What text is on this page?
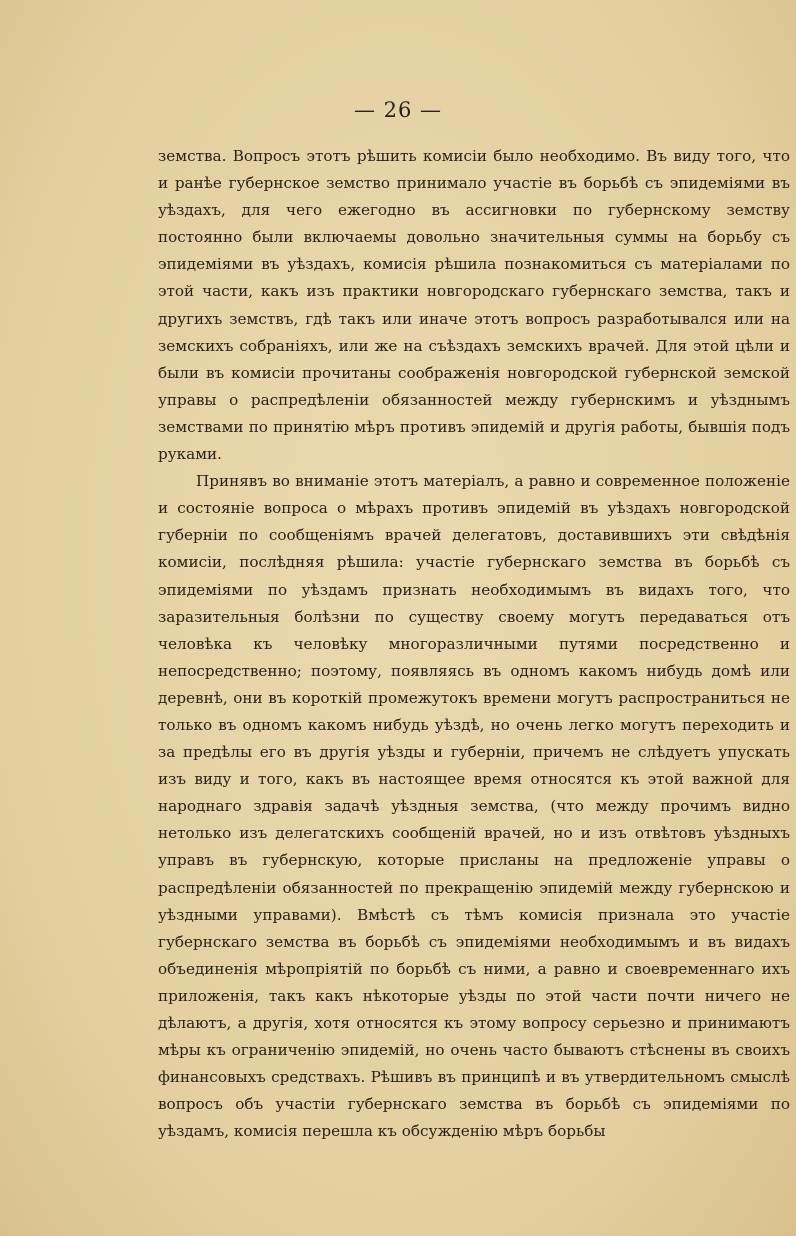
— 26 —

земства. Вопросъ этотъ рѣшить комисіи было необходимо. Въ виду того, что и ранѣе губернское земство принимало участіе въ борьбѣ съ эпидеміями въ уѣздахъ, для чего ежегодно въ ассигновки по губернскому земству постоянно были включаемы довольно значительныя суммы на борьбу съ эпидеміями въ уѣздахъ, комисія рѣшила познакомиться съ матеріалами по этой части, какъ изъ практики новгородскаго губернскаго земства, такъ и другихъ земствъ, гдѣ такъ или иначе этотъ вопросъ разработывался или на земскихъ собраніяхъ, или же на съѣздахъ земскихъ врачей. Для этой цѣли и были въ комисіи прочитаны соображенія новгородской губернской земской управы о распредѣленіи обязанностей между губернскимъ и уѣзднымъ земствами по принятію мѣръ противъ эпидемій и другія работы, бывшія подъ руками.

Принявъ во вниманіе этотъ матеріалъ, а равно и современное положеніе и состояніе вопроса о мѣрахъ противъ эпидемій въ уѣздахъ новгородской губерніи по сообщеніямъ врачей делегатовъ, доставившихъ эти свѣдѣнія комисіи, послѣдняя рѣшила: участіе губернскаго земства въ борьбѣ съ эпидеміями по уѣздамъ признать необходимымъ въ видахъ того, что заразительныя болѣзни по существу своему могутъ передаваться отъ человѣка къ человѣку многоразличными путями посредственно и непосредственно; поэтому, появляясь въ одномъ какомъ нибудь домѣ или деревнѣ, они въ короткій промежутокъ времени могутъ распространиться не только въ одномъ какомъ нибудь уѣздѣ, но очень легко могутъ переходить и за предѣлы его въ другія уѣзды и губерніи, причемъ не слѣдуетъ упускать изъ виду и того, какъ въ настоящее время относятся къ этой важной для народнаго здравія задачѣ уѣздныя земства, (что между прочимъ видно нетолько изъ делегатскихъ сообщеній врачей, но и изъ отвѣтовъ уѣздныхъ управъ въ губернскую, которые присланы на предложеніе управы о распредѣленіи обязанностей по прекращенію эпидемій между губернскою и уѣздными управами). Вмѣстѣ съ тѣмъ комисія признала это участіе губернскаго земства въ борьбѣ съ эпидеміями необходимымъ и въ видахъ объединенія мѣропріятій по борьбѣ съ ними, а равно и своевременнаго ихъ приложенія, такъ какъ нѣкоторые уѣзды по этой части почти ничего не дѣлаютъ, а другія, хотя относятся къ этому вопросу серьезно и принимаютъ мѣры къ ограниченію эпидемій, но очень часто бываютъ стѣснены въ своихъ финансовыхъ средствахъ. Рѣшивъ въ принципѣ и въ утвердительномъ смыслѣ вопросъ объ участіи губернскаго земства въ борьбѣ съ эпидеміями по уѣздамъ, комисія перешла къ обсужденію мѣръ борьбы
